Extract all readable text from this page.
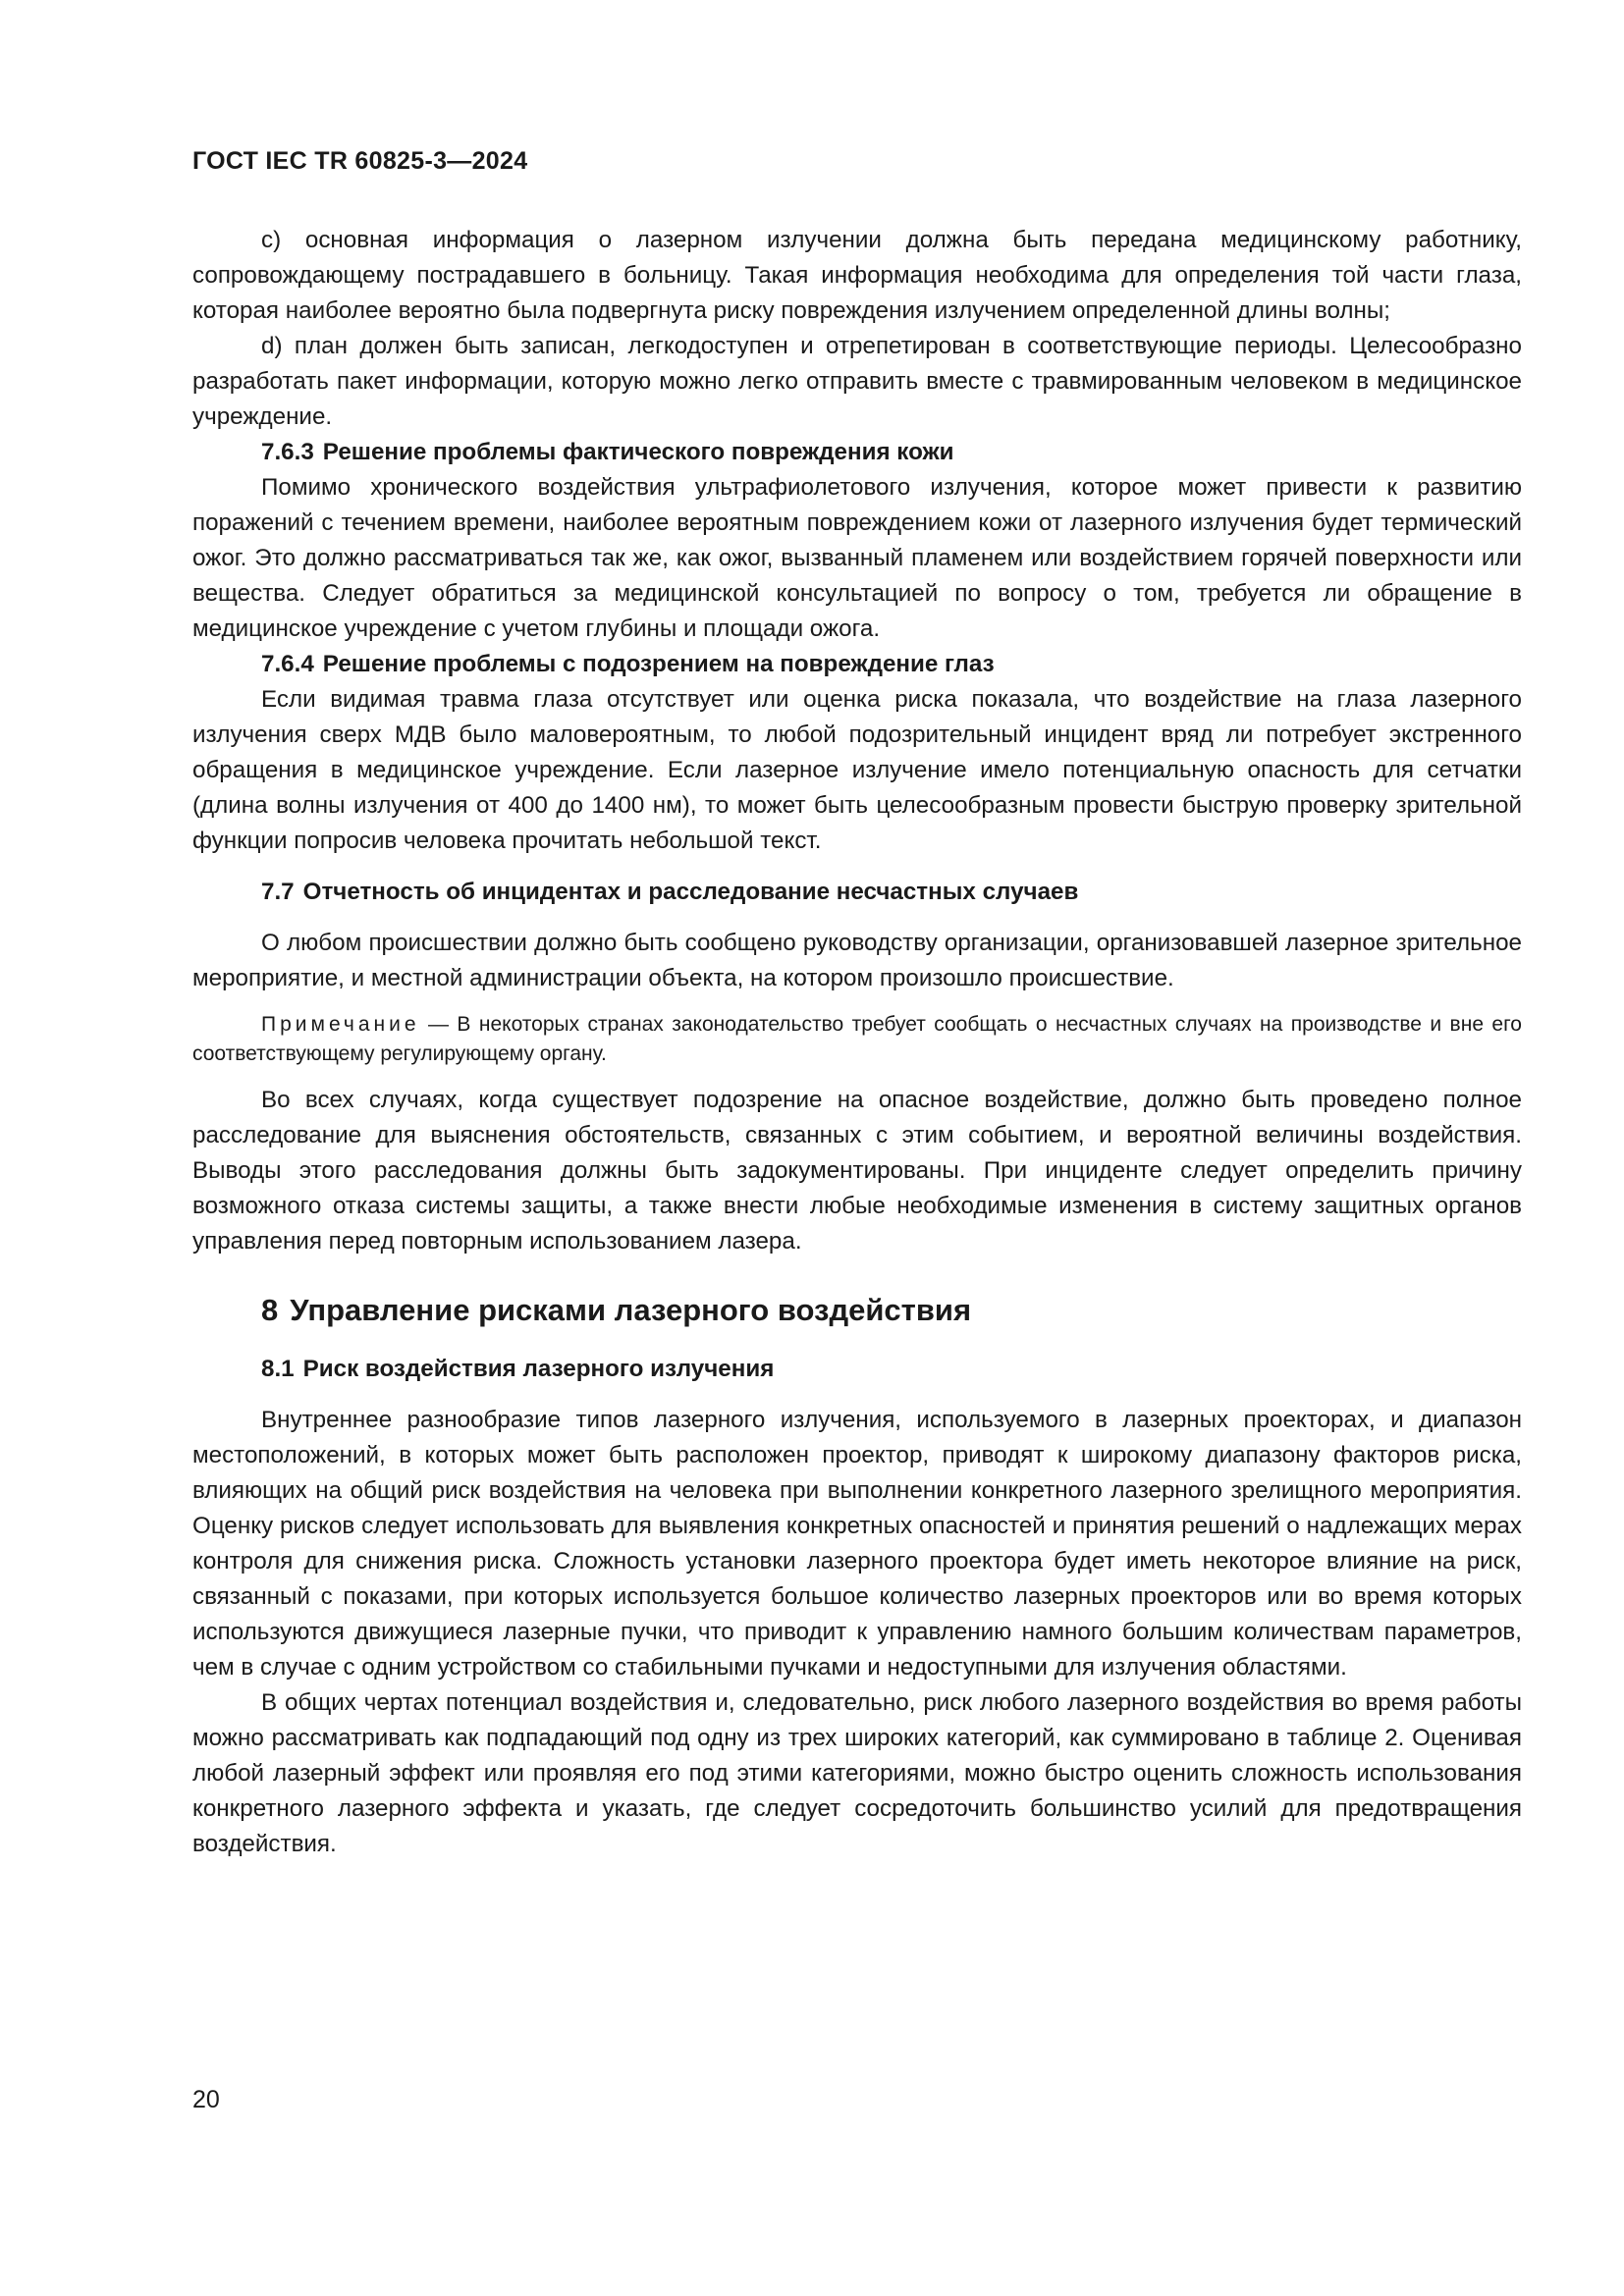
ГОСТ IEC TR 60825-3—2024

c) основная информация о лазерном излучении должна быть передана медицинскому работнику, сопровождающему пострадавшего в больницу. Такая информация необходима для определения той части глаза, которая наиболее вероятно была подвергнута риску повреждения излучением определенной длины волны;

d) план должен быть записан, легкодоступен и отрепетирован в соответствующие периоды. Целесообразно разработать пакет информации, которую можно легко отправить вместе с травмированным человеком в медицинское учреждение.

7.6.3 Решение проблемы фактического повреждения кожи

Помимо хронического воздействия ультрафиолетового излучения, которое может привести к развитию поражений с течением времени, наиболее вероятным повреждением кожи от лазерного излучения будет термический ожог. Это должно рассматриваться так же, как ожог, вызванный пламенем или воздействием горячей поверхности или вещества. Следует обратиться за медицинской консультацией по вопросу о том, требуется ли обращение в медицинское учреждение с учетом глубины и площади ожога.

7.6.4 Решение проблемы с подозрением на повреждение глаз

Если видимая травма глаза отсутствует или оценка риска показала, что воздействие на глаза лазерного излучения сверх МДВ было маловероятным, то любой подозрительный инцидент вряд ли потребует экстренного обращения в медицинское учреждение. Если лазерное излучение имело потенциальную опасность для сетчатки (длина волны излучения от 400 до 1400 нм), то может быть целесообразным провести быструю проверку зрительной функции попросив человека прочитать небольшой текст.

7.7 Отчетность об инцидентах и расследование несчастных случаев

О любом происшествии должно быть сообщено руководству организации, организовавшей лазерное зрительное мероприятие, и местной администрации объекта, на котором произошло происшествие.

Примечание — В некоторых странах законодательство требует сообщать о несчастных случаях на производстве и вне его соответствующему регулирующему органу.

Во всех случаях, когда существует подозрение на опасное воздействие, должно быть проведено полное расследование для выяснения обстоятельств, связанных с этим событием, и вероятной величины воздействия. Выводы этого расследования должны быть задокументированы. При инциденте следует определить причину возможного отказа системы защиты, а также внести любые необходимые изменения в систему защитных органов управления перед повторным использованием лазера.

8 Управление рисками лазерного воздействия
8.1 Риск воздействия лазерного излучения

Внутреннее разнообразие типов лазерного излучения, используемого в лазерных проекторах, и диапазон местоположений, в которых может быть расположен проектор, приводят к широкому диапазону факторов риска, влияющих на общий риск воздействия на человека при выполнении конкретного лазерного зрелищного мероприятия. Оценку рисков следует использовать для выявления конкретных опасностей и принятия решений о надлежащих мерах контроля для снижения риска. Сложность установки лазерного проектора будет иметь некоторое влияние на риск, связанный с показами, при которых используется большое количество лазерных проекторов или во время которых используются движущиеся лазерные пучки, что приводит к управлению намного большим количествам параметров, чем в случае с одним устройством со стабильными пучками и недоступными для излучения областями.

В общих чертах потенциал воздействия и, следовательно, риск любого лазерного воздействия во время работы можно рассматривать как подпадающий под одну из трех широких категорий, как суммировано в таблице 2. Оценивая любой лазерный эффект или проявляя его под этими категориями, можно быстро оценить сложность использования конкретного лазерного эффекта и указать, где следует сосредоточить большинство усилий для предотвращения воздействия.

20
